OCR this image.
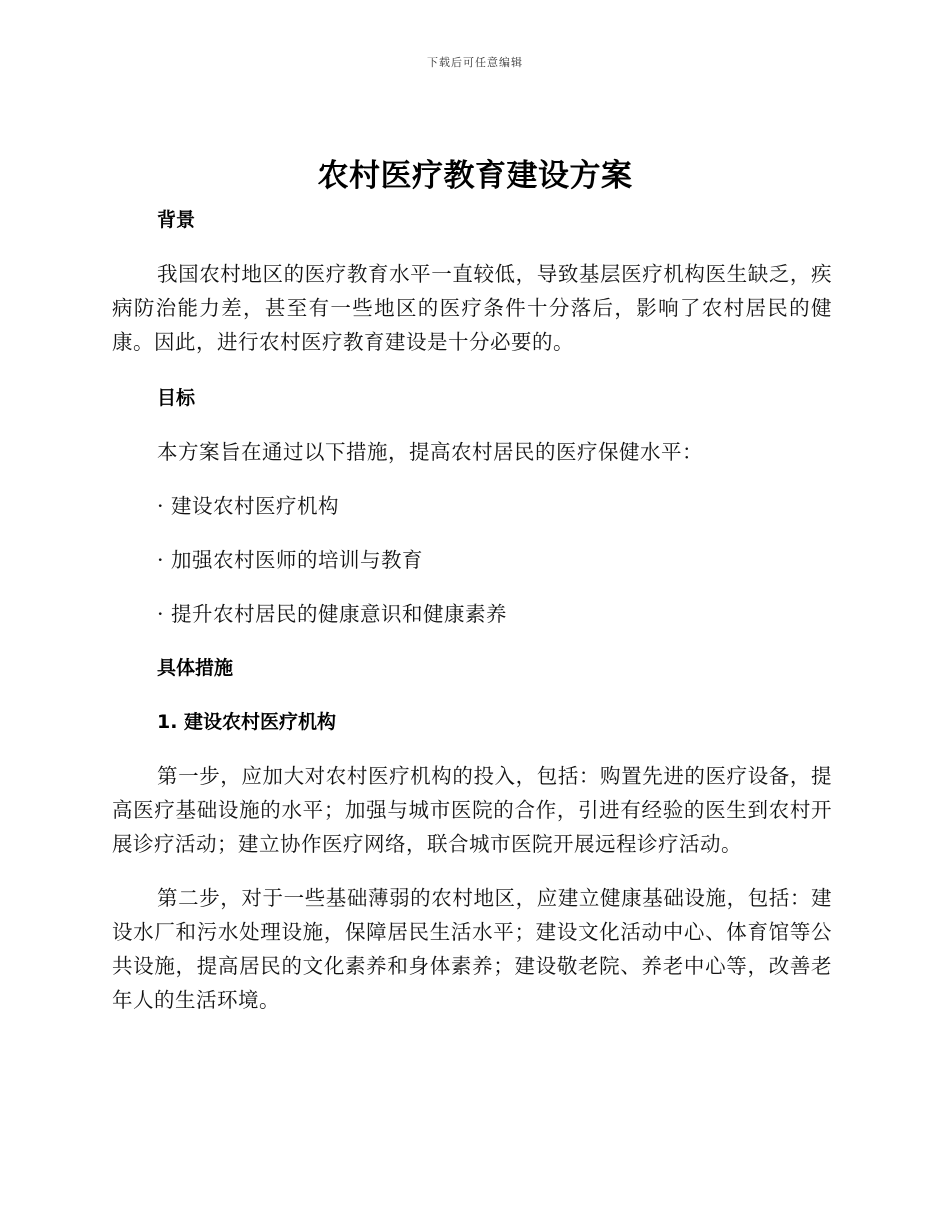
下载后可任意编辑
农村医疗教育建设方案
背景

我国农村地区的医疗教育水平一直较低，导致基层医疗机构医生缺乏，疾病防治能力差，甚至有一些地区的医疗条件十分落后，影响了农村居民的健康。因此，进行农村医疗教育建设是十分必要的。

目标

本方案旨在通过以下措施，提高农村居民的医疗保健水平：

· 建设农村医疗机构

· 加强农村医师的培训与教育

· 提升农村居民的健康意识和健康素养

具体措施
1. 建设农村医疗机构

第一步，应加大对农村医疗机构的投入，包括：购置先进的医疗设备，提高医疗基础设施的水平；加强与城市医院的合作，引进有经验的医生到农村开展诊疗活动；建立协作医疗网络，联合城市医院开展远程诊疗活动。

第二步，对于一些基础薄弱的农村地区，应建立健康基础设施，包括：建设水厂和污水处理设施，保障居民生活水平；建设文化活动中心、体育馆等公共设施，提高居民的文化素养和身体素养；建设敬老院、养老中心等，改善老年人的生活环境。
